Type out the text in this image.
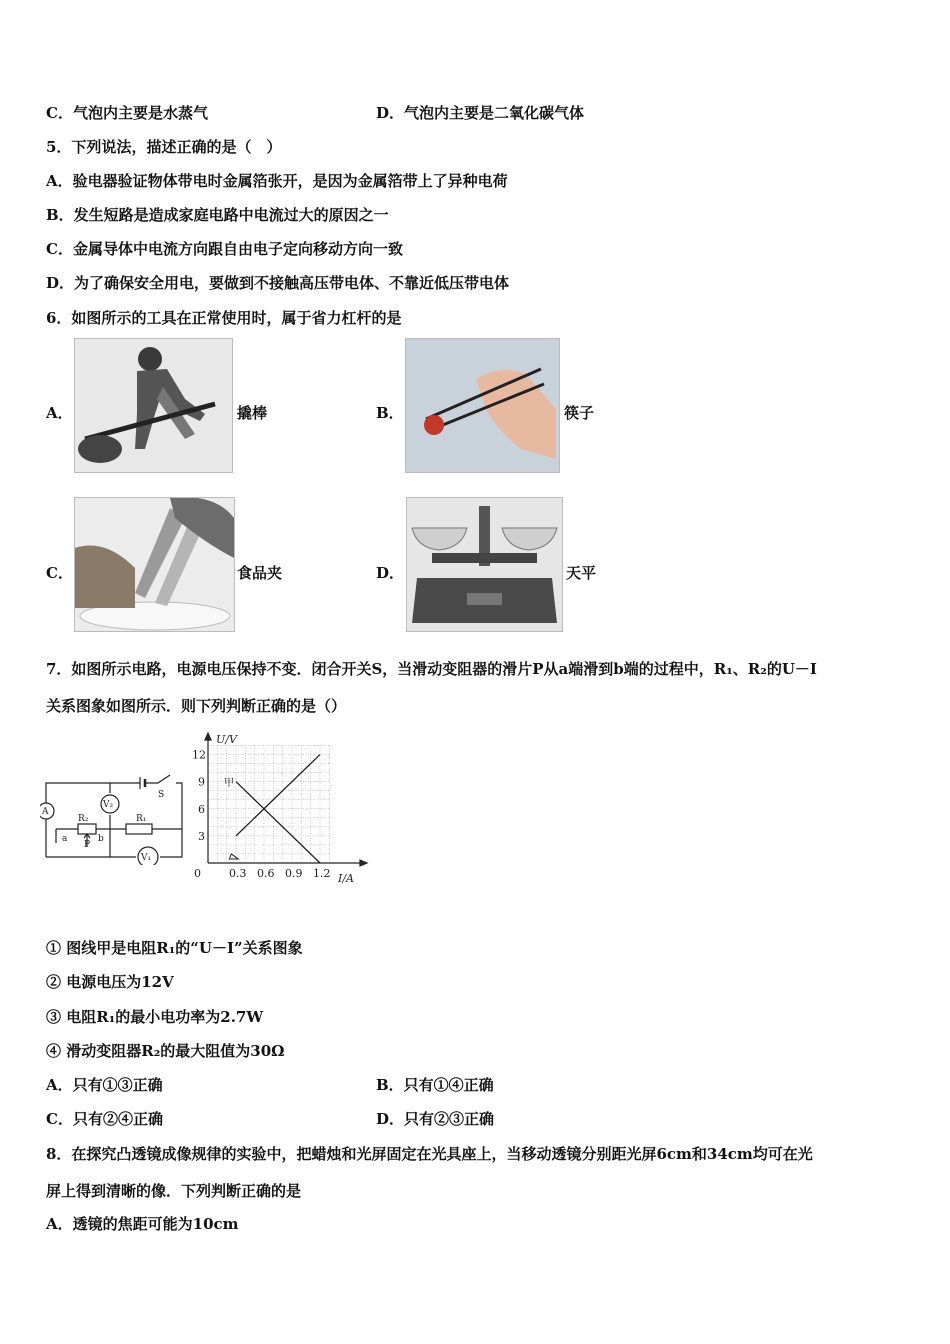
C．气泡内主要是水蒸气	D．气泡内主要是二氧化碳气体
5．下列说法，描述正确的是（　）
A．验电器验证物体带电时金属箔张开，是因为金属箔带上了异种电荷
B．发生短路是造成家庭电路中电流过大的原因之一
C．金属导体中电流方向跟自由电子定向移动方向一致
D．为了确保安全用电，要做到不接触高压带电体、不靠近低压带电体
6．如图所示的工具在正常使用时，属于省力杠杆的是
A．	撬棒	B．	筷子
C．	食品夹	D．	天平
7．如图所示电路，电源电压保持不变．闭合开关S，当滑动变阻器的滑片P从a端滑到b端的过程中，R₁、R₂的U－I
关系图象如图所示．则下列判断正确的是（）
A
V₂
V₁
S
R₂	R₁
a	b
P
0	0.3 0.6 0.9 1.2
3
6
9
12
U/V
I/A
甲
① 图线甲是电阻R₁的“U－I”关系图象
② 电源电压为12V
③ 电阻R₁的最小电功率为2.7W
④ 滑动变阻器R₂的最大阻值为30Ω
A．只有①③正确	B．只有①④正确
C．只有②④正确	D．只有②③正确
8．在探究凸透镜成像规律的实验中，把蜡烛和光屏固定在光具座上，当移动透镜分别距光屏6cm和34cm均可在光
屏上得到清晰的像．下列判断正确的是
A．透镜的焦距可能为10cm
